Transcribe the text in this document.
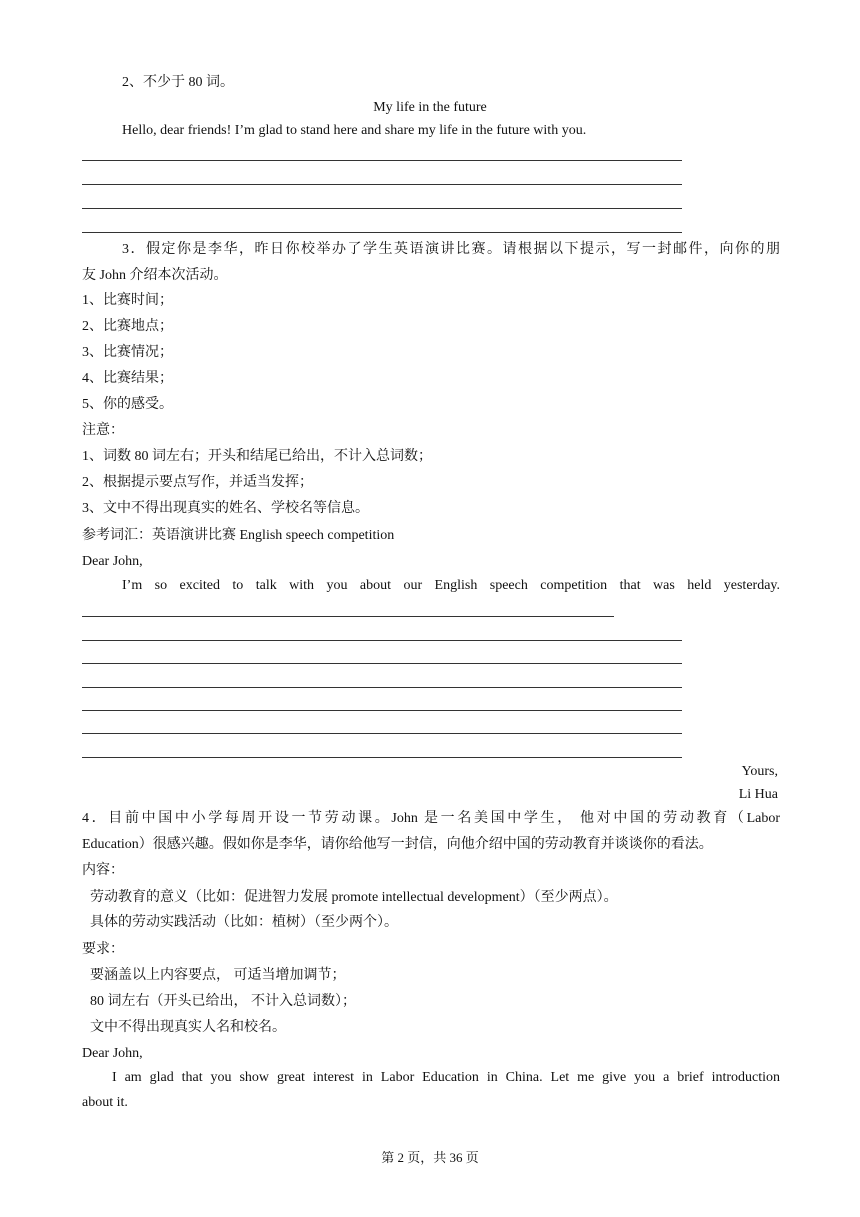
2、不少于 80 词。
My life in the future
Hello, dear friends! I’m glad to stand here and share my life in the future with you.
3．假定你是李华，昨日你校举办了学生英语演讲比赛。请根据以下提示，写一封邮件，向你的朋
友 John 介绍本次活动。
1、比赛时间；
2、比赛地点；
3、比赛情况；
4、比赛结果；
5、你的感受。
注意：
1、词数 80 词左右；开头和结尾已给出，不计入总词数；
2、根据提示要点写作，并适当发挥；
3、文中不得出现真实的姓名、学校名等信息。
参考词汇：英语演讲比赛 English speech competition
Dear John,
I’m so excited to talk with you about our English speech competition that was held yesterday.
Yours,
Li Hua
4．目前中国中小学每周开设一节劳动课。John 是一名美国中学生， 他对中国的劳动教育（Labor
Education）很感兴趣。假如你是李华，请你给他写一封信，向他介绍中国的劳动教育并谈谈你的看法。
内容：
劳动教育的意义（比如：促进智力发展 promote intellectual development）（至少两点）。
具体的劳动实践活动（比如：植树）（至少两个）。
要求：
要涵盖以上内容要点， 可适当增加调节；
80 词左右（开头已给出， 不计入总词数）；
文中不得出现真实人名和校名。
Dear John,
I am glad that you show great interest in Labor Education in China. Let me give you a brief introduction
about it.
第 2 页，共 36 页
